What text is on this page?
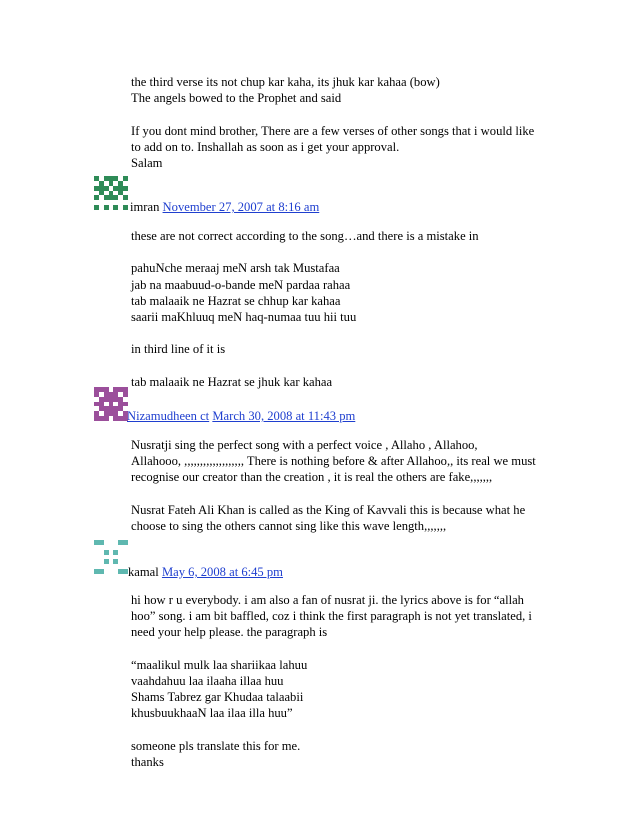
the third verse its not chup kar kaha, its jhuk kar kahaa (bow)
The angels bowed to the Prophet and said
If you dont mind brother, There are a few verses of other songs that i would like
to add on to. Inshallah as soon as i get your approval.
Salam
imran November 27, 2007 at 8:16 am
these are not correct according to the song…and there is a mistake in
pahuNche meraaj meN arsh tak Mustafaa
jab na maabuud-o-bande meN pardaa rahaa
tab malaaik ne Hazrat se chhup kar kahaa
saarii maKhluuq meN haq-numaa tuu hii tuu
in third line of it is
tab malaaik ne Hazrat se jhuk kar kahaa
Nizamudheen ct March 30, 2008 at 11:43 pm
Nusratji sing the perfect song with a perfect voice , Allaho , Allahoo,
Allahooo, ,,,,,,,,,,,,,,,,,,, There is nothing before & after Allahoo,, its real we must
recognise our creator than the creation , it is real the others are fake,,,,,,,
Nusrat Fateh Ali Khan is called as the King of Kavvali this is because what he
choose to sing the others cannot sing like this wave length,,,,,,,
kamal May 6, 2008 at 6:45 pm
hi how r u everybody. i am also a fan of nusrat ji. the lyrics above is for “allah
hoo” song. i am bit baffled, coz i think the first paragraph is not yet translated, i
need your help please. the paragraph is
“maalikul mulk laa shariikaa lahuu
vaahdahuu laa ilaaha illaa huu
Shams Tabrez gar Khudaa talaabii
khusbuukhaaN laa ilaa illa huu”
someone pls translate this for me.
thanks
